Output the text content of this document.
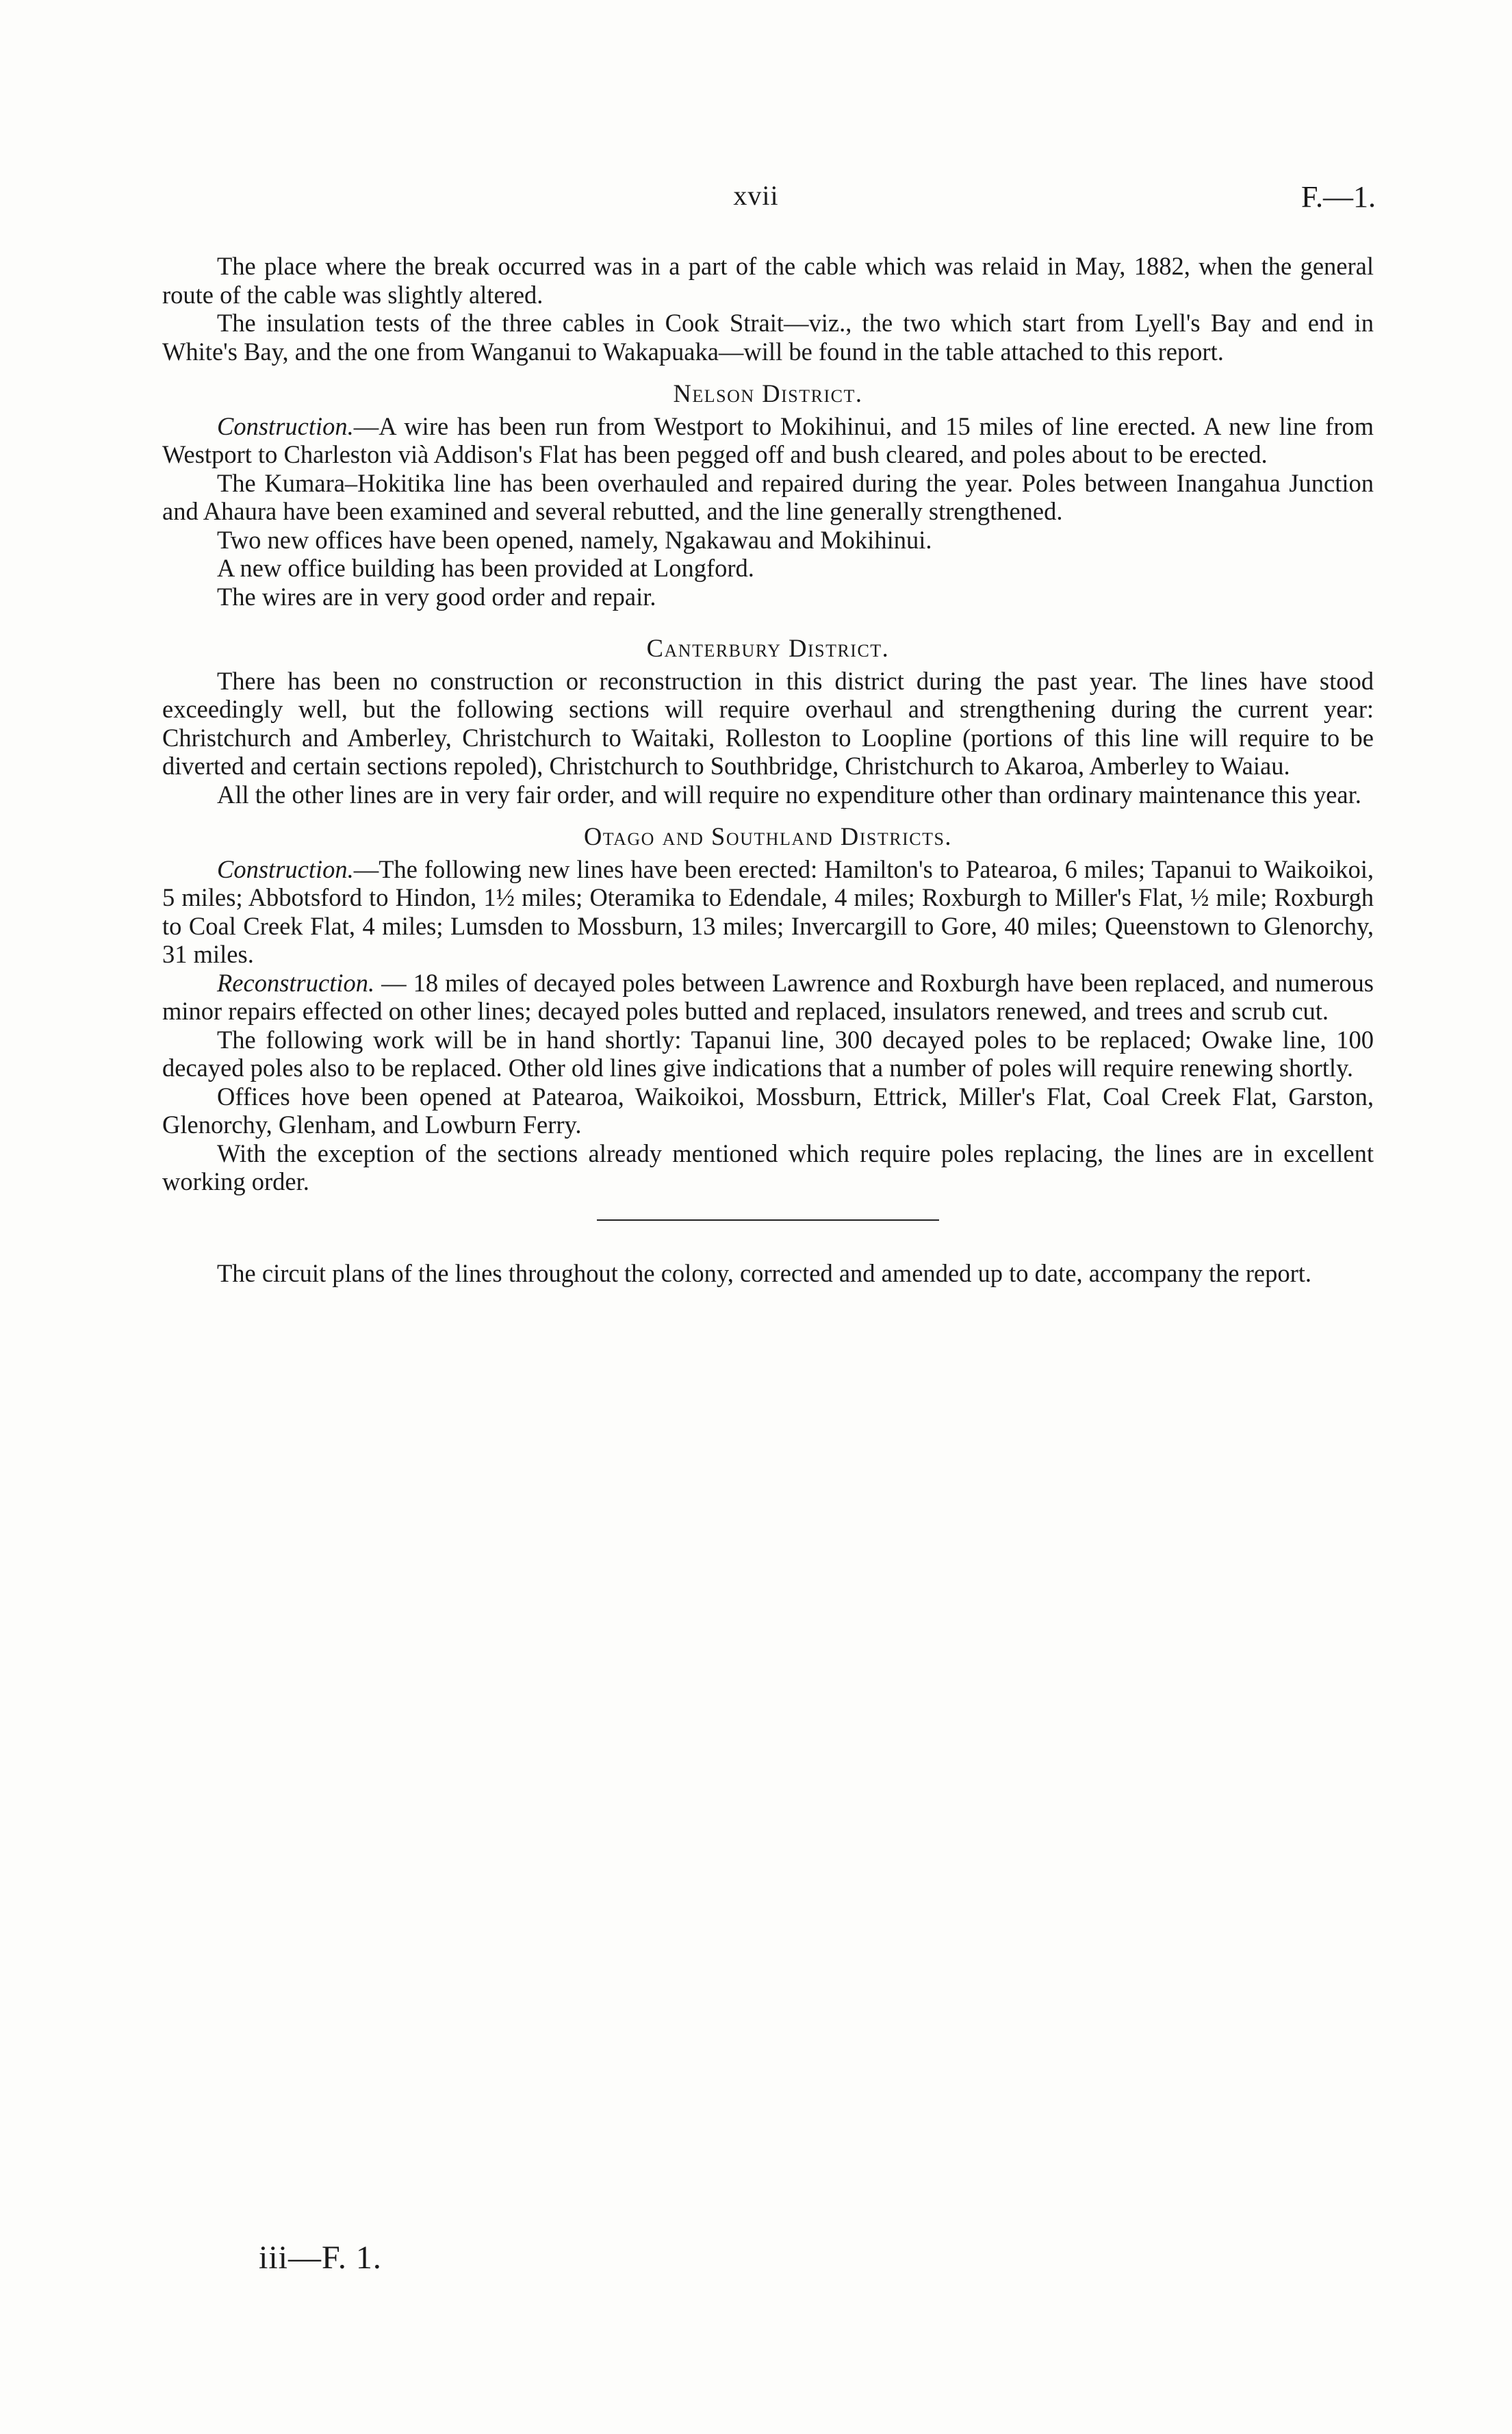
xvii	F.—1.

The place where the break occurred was in a part of the cable which was relaid in May, 1882, when the general route of the cable was slightly altered.

The insulation tests of the three cables in Cook Strait—viz., the two which start from Lyell's Bay and end in White's Bay, and the one from Wanganui to Wakapuaka—will be found in the table attached to this report.

Nelson District.

Construction.—A wire has been run from Westport to Mokihinui, and 15 miles of line erected. A new line from Westport to Charleston vià Addison's Flat has been pegged off and bush cleared, and poles about to be erected.

The Kumara–Hokitika line has been overhauled and repaired during the year. Poles between Inangahua Junction and Ahaura have been examined and several rebutted, and the line generally strengthened.

Two new offices have been opened, namely, Ngakawau and Mokihinui.

A new office building has been provided at Longford.

The wires are in very good order and repair.

Canterbury District.

There has been no construction or reconstruction in this district during the past year. The lines have stood exceedingly well, but the following sections will require overhaul and strengthening during the current year: Christchurch and Amberley, Christchurch to Waitaki, Rolleston to Loopline (portions of this line will require to be diverted and certain sections repoled), Christchurch to Southbridge, Christchurch to Akaroa, Amberley to Waiau.

All the other lines are in very fair order, and will require no expenditure other than ordinary maintenance this year.

Otago and Southland Districts.

Construction.—The following new lines have been erected: Hamilton's to Patearoa, 6 miles; Tapanui to Waikoikoi, 5 miles; Abbotsford to Hindon, 1½ miles; Oteramika to Edendale, 4 miles; Roxburgh to Miller's Flat, ½ mile; Roxburgh to Coal Creek Flat, 4 miles; Lumsden to Mossburn, 13 miles; Invercargill to Gore, 40 miles; Queenstown to Glenorchy, 31 miles.

Reconstruction. — 18 miles of decayed poles between Lawrence and Roxburgh have been replaced, and numerous minor repairs effected on other lines; decayed poles butted and replaced, insulators renewed, and trees and scrub cut.

The following work will be in hand shortly: Tapanui line, 300 decayed poles to be replaced; Owake line, 100 decayed poles also to be replaced. Other old lines give indications that a number of poles will require renewing shortly.

Offices hove been opened at Patearoa, Waikoikoi, Mossburn, Ettrick, Miller's Flat, Coal Creek Flat, Garston, Glenorchy, Glenham, and Lowburn Ferry.

With the exception of the sections already mentioned which require poles replacing, the lines are in excellent working order.

The circuit plans of the lines throughout the colony, corrected and amended up to date, accompany the report.

iii—F. 1.
